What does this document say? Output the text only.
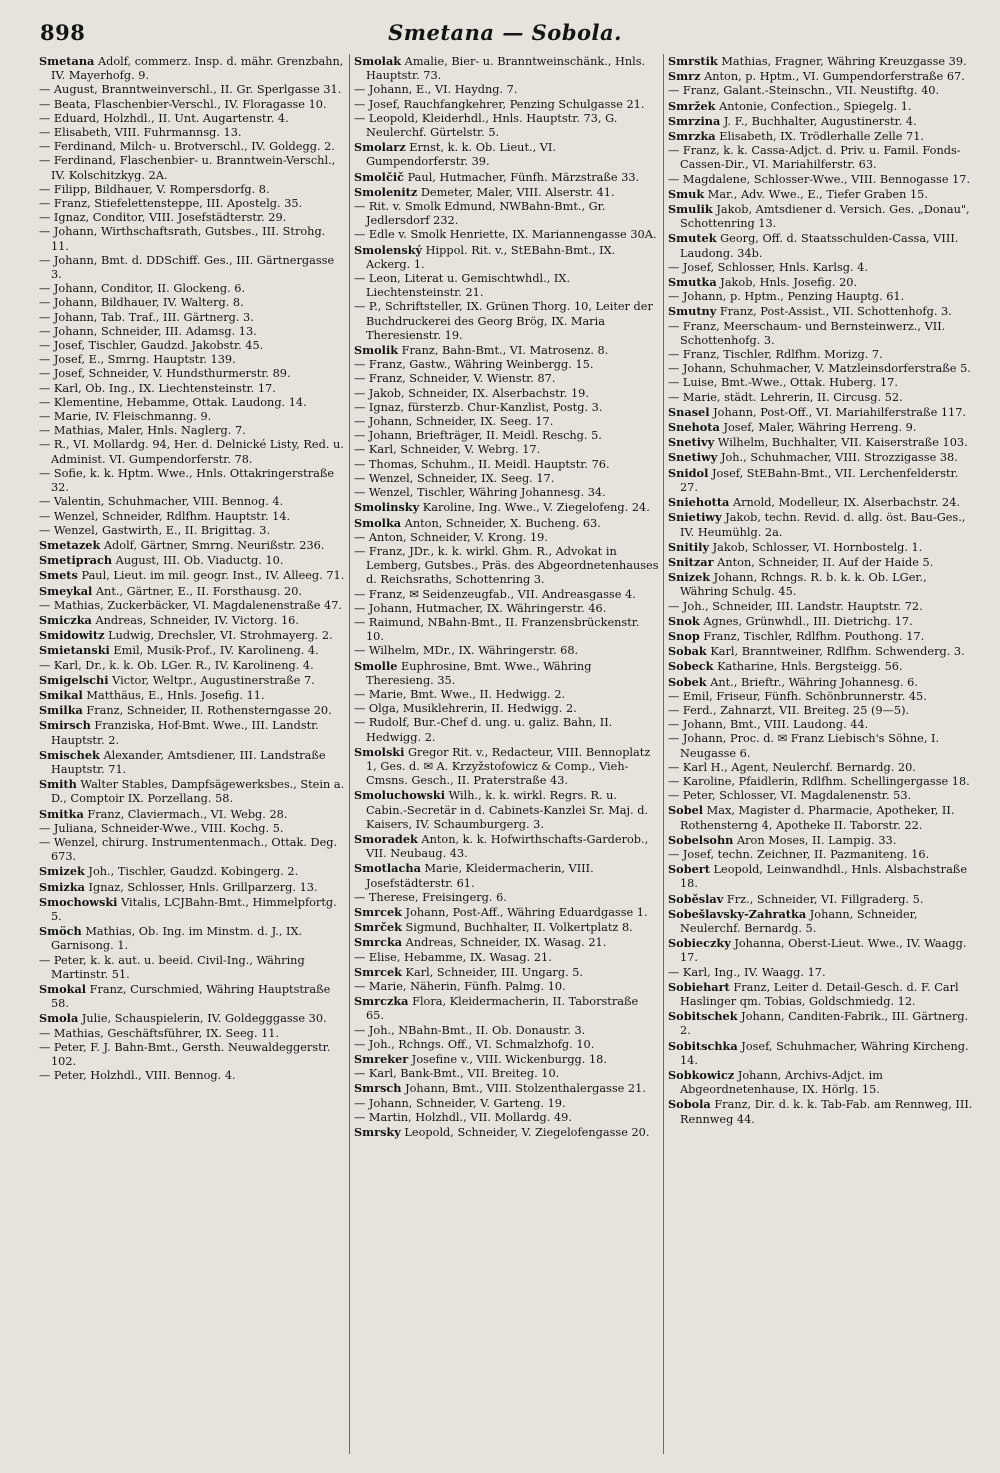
898	Smetana — Sobola.

Smetana Adolf, commerz. Insp. d. mähr. Grenzbahn, IV. Mayerhofg. 9.

— August, Branntweinverschl., II. Gr. Sperlgasse 31.

— Beata, Flaschenbier-Verschl., IV. Floragasse 10.

— Eduard, Holzhdl., II. Unt. Augartenstr. 4.

— Elisabeth, VIII. Fuhrmannsg. 13.

— Ferdinand, Milch- u. Brotverschl., IV. Goldegg. 2.

— Ferdinand, Flaschenbier- u. Branntwein-Verschl., IV. Kolschitzkyg. 2A.

— Filipp, Bildhauer, V. Rompersdorfg. 8.

— Franz, Stiefelettensteppe, III. Apostelg. 35.

— Ignaz, Conditor, VIII. Josefstädterstr. 29.

— Johann, Wirthschaftsrath, Gutsbes., III. Strohg. 11.

— Johann, Bmt. d. DDSchiff. Ges., III. Gärtnergasse 3.

— Johann, Conditor, II. Glockeng. 6.

— Johann, Bildhauer, IV. Walterg. 8.

— Johann, Tab. Traf., III. Gärtnerg. 3.

— Johann, Schneider, III. Adamsg. 13.

— Josef, Tischler, Gaudzd. Jakobstr. 45.

— Josef, E., Smrng. Hauptstr. 139.

— Josef, Schneider, V. Hundsthurmerstr. 89.

— Karl, Ob. Ing., IX. Liechtensteinstr. 17.

— Klementine, Hebamme, Ottak. Laudong. 14.

— Marie, IV. Fleischmanng. 9.

— Mathias, Maler, Hnls. Naglerg. 7.

— R., VI. Mollardg. 94, Her. d. Delnické Listy, Red. u. Administ. VI. Gumpendorferstr. 78.

— Sofie, k. k. Hptm. Wwe., Hnls. Ottakringerstraße 32.

— Valentin, Schuhmacher, VIII. Bennog. 4.

— Wenzel, Schneider, Rdlfhm. Hauptstr. 14.

— Wenzel, Gastwirth, E., II. Brigittag. 3.

Smetazek Adolf, Gärtner, Smrng. Neurißstr. 236.

Smetiprach August, III. Ob. Viaductg. 10.

Smets Paul, Lieut. im mil. geogr. Inst., IV. Alleeg. 71.

Smeykal Ant., Gärtner, E., II. Forsthausg. 20.

— Mathias, Zuckerbäcker, VI. Magdalenenstraße 47.

Smiczka Andreas, Schneider, IV. Victorg. 16.

Smidowitz Ludwig, Drechsler, VI. Strohmayerg. 2.

Smietanski Emil, Musik-Prof., IV. Karolineng. 4.

— Karl, Dr., k. k. Ob. LGer. R., IV. Karolineng. 4.

Smigelschi Victor, Weltpr., Augustinerstraße 7.

Smikal Matthäus, E., Hnls. Josefig. 11.

Smilka Franz, Schneider, II. Rothensterngasse 20.

Smirsch Franziska, Hof-Bmt. Wwe., III. Landstr. Hauptstr. 2.

Smischek Alexander, Amtsdiener, III. Landstraße Hauptstr. 71.

Smith Walter Stables, Dampfsägewerksbes., Stein a. D., Comptoir IX. Porzellang. 58.

Smitka Franz, Claviermach., VI. Webg. 28.

— Juliana, Schneider-Wwe., VIII. Kochg. 5.

— Wenzel, chirurg. Instrumentenmach., Ottak. Deg. 673.

Smizek Joh., Tischler, Gaudzd. Kobingerg. 2.

Smizka Ignaz, Schlosser, Hnls. Grillparzerg. 13.

Smochowski Vitalis, LCJBahn-Bmt., Himmelpfortg. 5.

Smöch Mathias, Ob. Ing. im Minstm. d. J., IX. Garnisong. 1.

— Peter, k. k. aut. u. beeid. Civil-Ing., Währing Martinstr. 51.

Smokal Franz, Curschmied, Währing Hauptstraße 58.

Smola Julie, Schauspielerin, IV. Goldegggasse 30.

— Mathias, Geschäftsführer, IX. Seeg. 11.

— Peter, F. J. Bahn-Bmt., Gersth. Neuwaldeggerstr. 102.

— Peter, Holzhdl., VIII. Bennog. 4.

Smolak Amalie, Bier- u. Branntweinschänk., Hnls. Hauptstr. 73.

— Johann, E., VI. Haydng. 7.

— Josef, Rauchfangkehrer, Penzing Schulgasse 21.

— Leopold, Kleiderhdl., Hnls. Hauptstr. 73, G. Neulerchf. Gürtelstr. 5.

Smolarz Ernst, k. k. Ob. Lieut., VI. Gumpendorferstr. 39.

Smolčič Paul, Hutmacher, Fünfh. Märzstraße 33.

Smolenitz Demeter, Maler, VIII. Alserstr. 41.

— Rit. v. Smolk Edmund, NWBahn-Bmt., Gr. Jedlersdorf 232.

— Edle v. Smolk Henriette, IX. Mariannengasse 30A.

Smolenský Hippol. Rit. v., StEBahn-Bmt., IX. Ackerg. 1.

— Leon, Literat u. Gemischtwhdl., IX. Liechtensteinstr. 21.

— P., Schriftsteller, IX. Grünen Thorg. 10, Leiter der Buchdruckerei des Georg Brög, IX. Maria Theresienstr. 19.

Smolik Franz, Bahn-Bmt., VI. Matrosenz. 8.

— Franz, Gastw., Währing Weinbergg. 15.

— Franz, Schneider, V. Wienstr. 87.

— Jakob, Schneider, IX. Alserbachstr. 19.

— Ignaz, fürsterzb. Chur-Kanzlist, Postg. 3.

— Johann, Schneider, IX. Seeg. 17.

— Johann, Briefträger, II. Meidl. Reschg. 5.

— Karl, Schneider, V. Webrg. 17.

— Thomas, Schuhm., II. Meidl. Hauptstr. 76.

— Wenzel, Schneider, IX. Seeg. 17.

— Wenzel, Tischler, Währing Johannesg. 34.

Smolinsky Karoline, Ing. Wwe., V. Ziegelofeng. 24.

Smolka Anton, Schneider, X. Bucheng. 63.

— Anton, Schneider, V. Krong. 19.

— Franz, JDr., k. k. wirkl. Ghm. R., Advokat in Lemberg, Gutsbes., Präs. des Abgeordnetenhauses d. Reichsraths, Schottenring 3.

— Franz, ✉ Seidenzeugfab., VII. Andreasgasse 4.

— Johann, Hutmacher, IX. Währingerstr. 46.

— Raimund, NBahn-Bmt., II. Franzensbrückenstr. 10.

— Wilhelm, MDr., IX. Währingerstr. 68.

Smolle Euphrosine, Bmt. Wwe., Währing Theresieng. 35.

— Marie, Bmt. Wwe., II. Hedwigg. 2.

— Olga, Musiklehrerin, II. Hedwigg. 2.

— Rudolf, Bur.-Chef d. ung. u. galiz. Bahn, II. Hedwigg. 2.

Smolski Gregor Rit. v., Redacteur, VIII. Bennoplatz 1, Ges. d. ✉ A. Krzyžstofowicz & Comp., Vieh-Cmsns. Gesch., II. Praterstraße 43.

Smoluchowski Wilh., k. k. wirkl. Regrs. R. u. Cabin.-Secretär in d. Cabinets-Kanzlei Sr. Maj. d. Kaisers, IV. Schaumburgerg. 3.

Smoradek Anton, k. k. Hofwirthschafts-Garderob., VII. Neubaug. 43.

Smotlacha Marie, Kleidermacherin, VIII. Josefstädterstr. 61.

— Therese, Freisingerg. 6.

Smrcek Johann, Post-Aff., Währing Eduardgasse 1.

Smrček Sigmund, Buchhalter, II. Volkertplatz 8.

Smrcka Andreas, Schneider, IX. Wasag. 21.

— Elise, Hebamme, IX. Wasag. 21.

Smrcek Karl, Schneider, III. Ungarg. 5.

— Marie, Näherin, Fünfh. Palmg. 10.

Smrczka Flora, Kleidermacherin, II. Taborstraße 65.

— Joh., NBahn-Bmt., II. Ob. Donaustr. 3.

— Joh., Rchngs. Off., VI. Schmalzhofg. 10.

Smreker Josefine v., VIII. Wickenburgg. 18.

— Karl, Bank-Bmt., VII. Breiteg. 10.

Smrsch Johann, Bmt., VIII. Stolzenthalergasse 21.

— Johann, Schneider, V. Garteng. 19.

— Martin, Holzhdl., VII. Mollardg. 49.

Smrsky Leopold, Schneider, V. Ziegelofengasse 20.

Smrstik Mathias, Fragner, Währing Kreuzgasse 39.

Smrz Anton, p. Hptm., VI. Gumpendorferstraße 67.

— Franz, Galant.-Steinschn., VII. Neustiftg. 40.

Smržek Antonie, Confection., Spiegelg. 1.

Smrzina J. F., Buchhalter, Augustinerstr. 4.

Smrzka Elisabeth, IX. Trödlerhalle Zelle 71.

— Franz, k. k. Cassa-Adjct. d. Priv. u. Famil. Fonds-Cassen-Dir., VI. Mariahilferstr. 63.

— Magdalene, Schlosser-Wwe., VIII. Bennogasse 17.

Smuk Mar., Adv. Wwe., E., Tiefer Graben 15.

Smulik Jakob, Amtsdiener d. Versich. Ges. „Donau", Schottenring 13.

Smutek Georg, Off. d. Staatsschulden-Cassa, VIII. Laudong. 34b.

— Josef, Schlosser, Hnls. Karlsg. 4.

Smutka Jakob, Hnls. Josefig. 20.

— Johann, p. Hptm., Penzing Hauptg. 61.

Smutny Franz, Post-Assist., VII. Schottenhofg. 3.

— Franz, Meerschaum- und Bernsteinwerz., VII. Schottenhofg. 3.

— Franz, Tischler, Rdlfhm. Morizg. 7.

— Johann, Schuhmacher, V. Matzleinsdorferstraße 5.

— Luise, Bmt.-Wwe., Ottak. Huberg. 17.

— Marie, städt. Lehrerin, II. Circusg. 52.

Snasel Johann, Post-Off., VI. Mariahilferstraße 117.

Snehota Josef, Maler, Währing Herreng. 9.

Snetivy Wilhelm, Buchhalter, VII. Kaiserstraße 103.

Snetiwy Joh., Schuhmacher, VIII. Strozzigasse 38.

Snidol Josef, StEBahn-Bmt., VII. Lerchenfelderstr. 27.

Sniehotta Arnold, Modelleur, IX. Alserbachstr. 24.

Snietiwy Jakob, techn. Revid. d. allg. öst. Bau-Ges., IV. Heumühlg. 2a.

Snitily Jakob, Schlosser, VI. Hornbostelg. 1.

Snitzar Anton, Schneider, II. Auf der Haide 5.

Snizek Johann, Rchngs. R. b. k. k. Ob. LGer., Währing Schulg. 45.

— Joh., Schneider, III. Landstr. Hauptstr. 72.

Snok Agnes, Grünwhdl., III. Dietrichg. 17.

Snop Franz, Tischler, Rdlfhm. Pouthong. 17.

Sobak Karl, Branntweiner, Rdlfhm. Schwenderg. 3.

Sobeck Katharine, Hnls. Bergsteigg. 56.

Sobek Ant., Brieftr., Währing Johannesg. 6.

— Emil, Friseur, Fünfh. Schönbrunnerstr. 45.

— Ferd., Zahnarzt, VII. Breiteg. 25 (9—5).

— Johann, Bmt., VIII. Laudong. 44.

— Johann, Proc. d. ✉ Franz Liebisch's Söhne, I. Neugasse 6.

— Karl H., Agent, Neulerchf. Bernardg. 20.

— Karoline, Pfaidlerin, Rdlfhm. Schellingergasse 18.

— Peter, Schlosser, VI. Magdalenenstr. 53.

Sobel Max, Magister d. Pharmacie, Apotheker, II. Rothensterng 4, Apotheke II. Taborstr. 22.

Sobelsohn Aron Moses, II. Lampig. 33.

— Josef, techn. Zeichner, II. Pazmaniteng. 16.

Sobert Leopold, Leinwandhdl., Hnls. Alsbachstraße 18.

Soběslav Frz., Schneider, VI. Fillgraderg. 5.

Sobešlavsky-Zahratka Johann, Schneider, Neulerchf. Bernardg. 5.

Sobieczky Johanna, Oberst-Lieut. Wwe., IV. Waagg. 17.

— Karl, Ing., IV. Waagg. 17.

Sobiehart Franz, Leiter d. Detail-Gesch. d. F. Carl Haslinger qm. Tobias, Goldschmiedg. 12.

Sobitschek Johann, Canditen-Fabrik., III. Gärtnerg. 2.

Sobitschka Josef, Schuhmacher, Währing Kircheng. 14.

Sobkowicz Johann, Archivs-Adjct. im Abgeordnetenhause, IX. Hörlg. 15.

Sobola Franz, Dir. d. k. k. Tab-Fab. am Rennweg, III. Rennweg 44.
